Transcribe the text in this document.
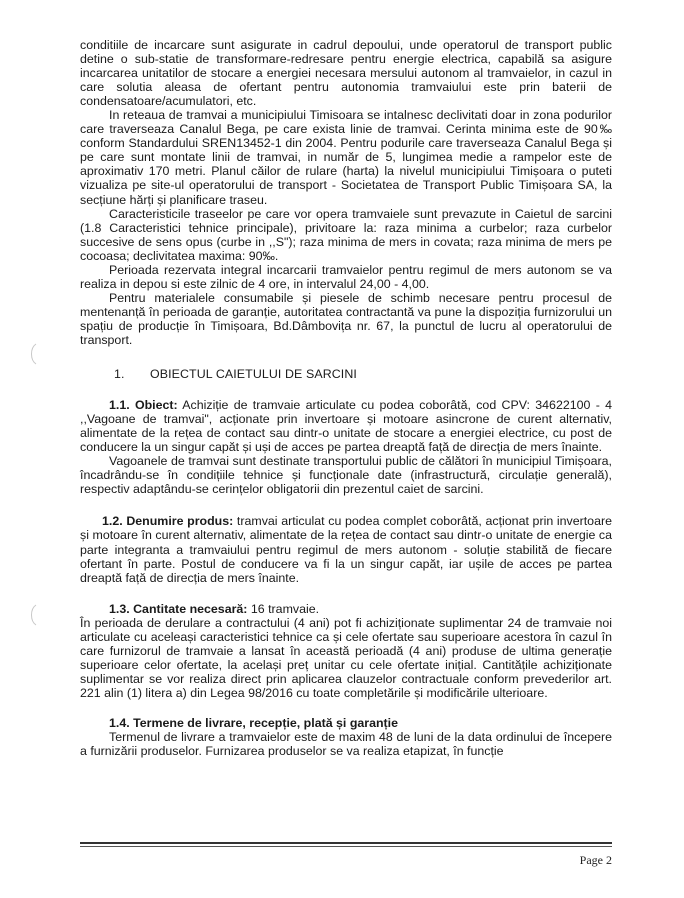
conditiile de incarcare sunt asigurate in cadrul depoului, unde operatorul de transport public detine o sub-statie de transformare-redresare pentru energie electrica, capabilă sa asigure incarcarea unitatilor de stocare a energiei necesara mersului autonom al tramvaielor, in cazul in care solutia aleasa de ofertant pentru autonomia tramvaiului este prin baterii de condensatoare/acumulatori, etc.

In reteaua de tramvai a municipiului Timisoara se intalnesc declivitati doar in zona podurilor care traverseaza Canalul Bega, pe care exista linie de tramvai. Cerinta minima este de 90‰ conform Standardului SREN13452-1 din 2004. Pentru podurile care traverseaza Canalul Bega și pe care sunt montate linii de tramvai, in număr de 5, lungimea medie a rampelor este de aproximativ 170 metri. Planul căilor de rulare (harta) la nivelul municipiului Timișoara o puteti vizualiza pe site-ul operatorului de transport - Societatea de Transport Public Timișoara SA, la secțiune hărți și planificare traseu.

Caracteristicile traseelor pe care vor opera tramvaiele sunt prevazute in Caietul de sarcini (1.8 Caracteristici tehnice principale), privitoare la: raza minima a curbelor; raza curbelor succesive de sens opus (curbe in ,,S"); raza minima de mers in covata; raza minima de mers pe cocoasa; declivitatea maxima: 90‰.

Perioada rezervata integral incarcarii tramvaielor pentru regimul de mers autonom se va realiza in depou si este zilnic de 4 ore, in intervalul 24,00 - 4,00.

Pentru materialele consumabile și piesele de schimb necesare pentru procesul de mentenanță în perioada de garanție, autoritatea contractantă va pune la dispoziția furnizorului un spațiu de producție în Timișoara, Bd.Dâmbovița nr. 67, la punctul de lucru al operatorului de transport.

1. OBIECTUL CAIETULUI DE SARCINI

1.1. Obiect: Achiziție de tramvaie articulate cu podea coborâtă, cod CPV: 34622100 - 4 ,,Vagoane de tramvai", acționate prin invertoare și motoare asincrone de curent alternativ, alimentate de la rețea de contact sau dintr-o unitate de stocare a energiei electrice, cu post de conducere la un singur capăt și uși de acces pe partea dreaptă față de direcția de mers înainte.

Vagoanele de tramvai sunt destinate transportului public de călători în municipiul Timișoara, încadrându-se în condițiile tehnice și funcționale date (infrastructură, circulație generală), respectiv adaptându-se cerințelor obligatorii din prezentul caiet de sarcini.

1.2. Denumire produs: tramvai articulat cu podea complet coborâtă, acționat prin invertoare și motoare în curent alternativ, alimentate de la rețea de contact sau dintr-o unitate de energie ca parte integranta a tramvaiului pentru regimul de mers autonom - soluție stabilită de fiecare ofertant în parte. Postul de conducere va fi la un singur capăt, iar ușile de acces pe partea dreaptă față de direcția de mers înainte.

1.3. Cantitate necesară: 16 tramvaie.

În perioada de derulare a contractului (4 ani) pot fi achiziționate suplimentar 24 de tramvaie noi articulate cu aceleași caracteristici tehnice ca și cele ofertate sau superioare acestora în cazul în care furnizorul de tramvaie a lansat în această perioadă (4 ani) produse de ultima generație superioare celor ofertate, la același preț unitar cu cele ofertate inițial. Cantitățile achiziționate suplimentar se vor realiza direct prin aplicarea clauzelor contractuale conform prevederilor art. 221 alin (1) litera a) din Legea 98/2016 cu toate completările și modificările ulterioare.

1.4. Termene de livrare, recepție, plată și garanție

Termenul de livrare a tramvaielor este de maxim 48 de luni de la data ordinului de începere a furnizării produselor. Furnizarea produselor se va realiza etapizat, în funcție

Page 2
